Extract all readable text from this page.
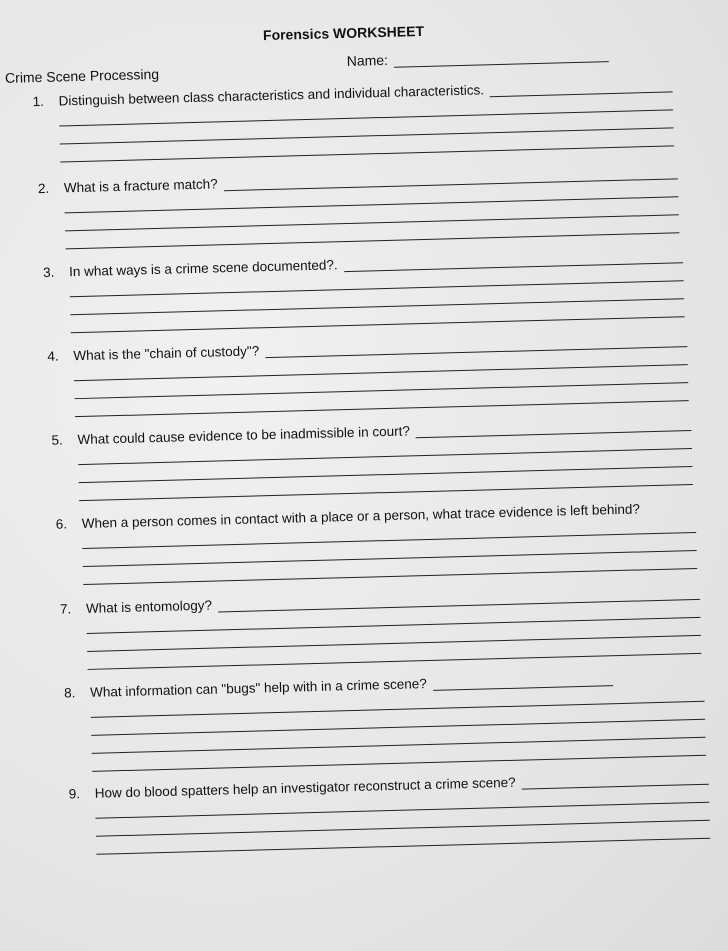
Forensics WORKSHEET
Crime Scene Processing
Name:
1.	Distinguish between class characteristics and individual characteristics.
2.	What is a fracture match?
3.	In what ways is a crime scene documented?.
4.	What is the "chain of custody"?
5.	What could cause evidence to be inadmissible in court?
6.	When a person comes in contact with a place or a person, what trace evidence is left behind?
7.	What is entomology?
8.	What information can "bugs" help with in a crime scene?
9.	How do blood spatters help an investigator reconstruct a crime scene?
